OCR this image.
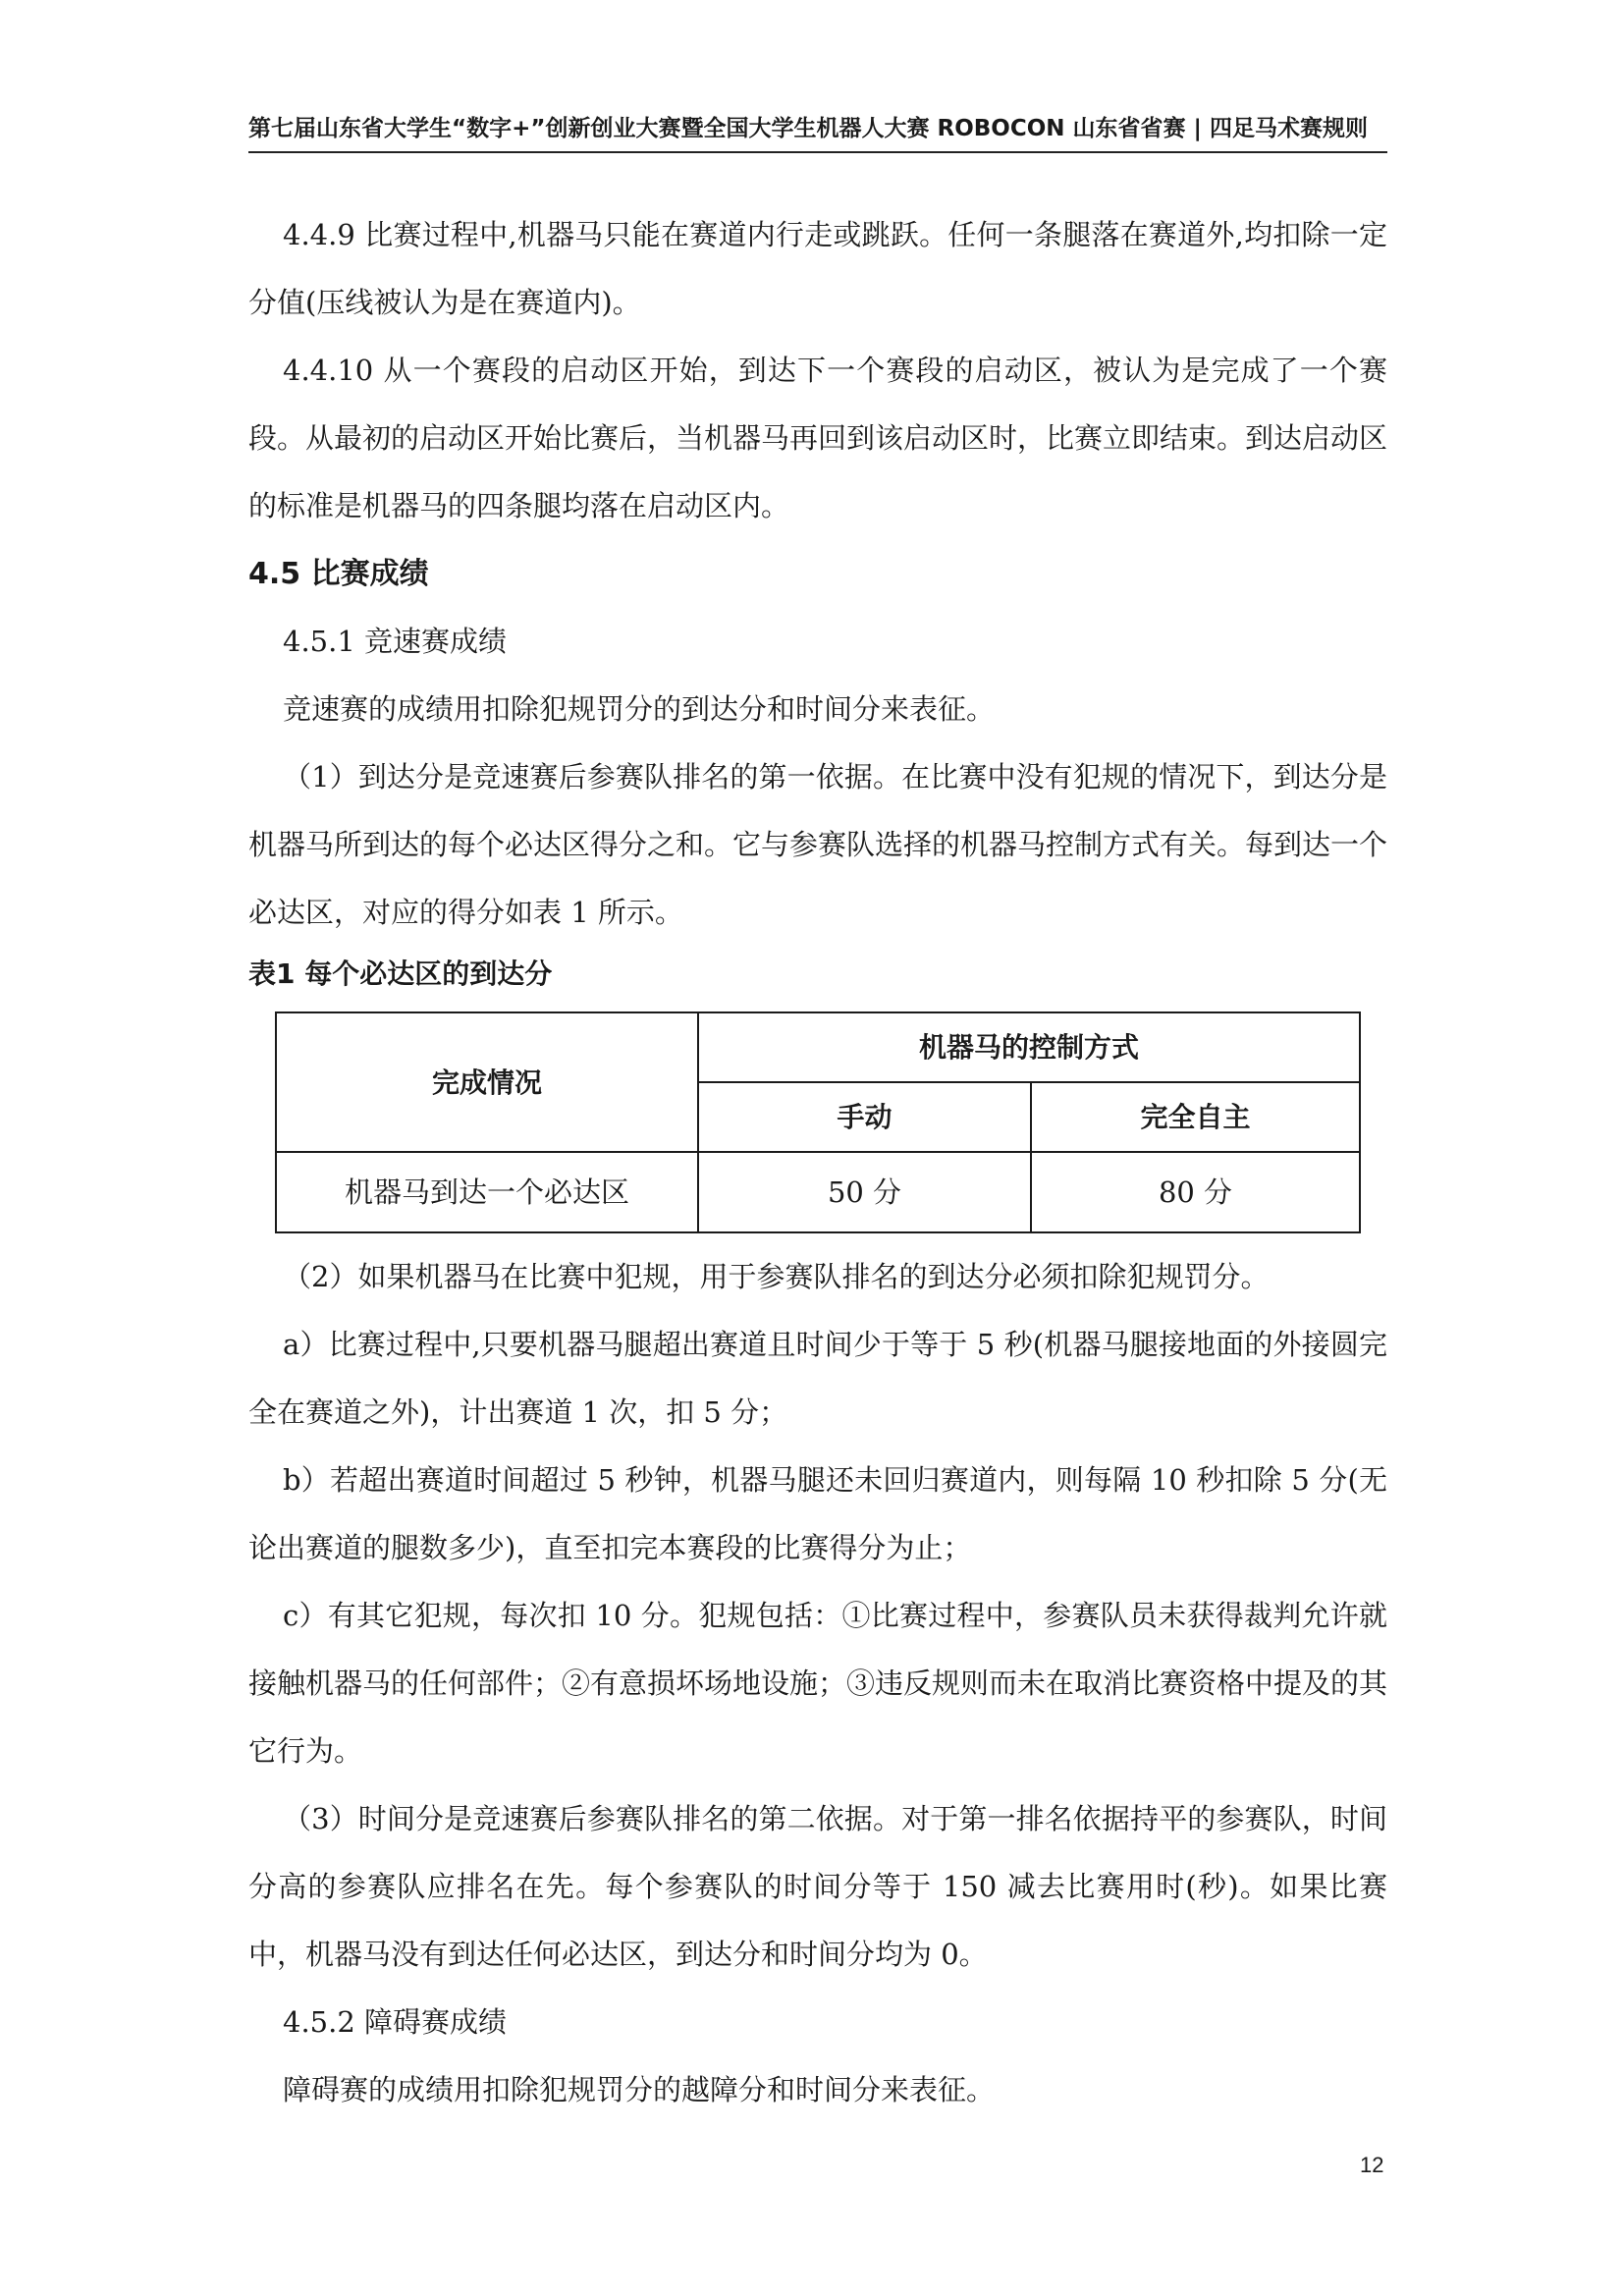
第七届山东省大学生“数字+”创新创业大赛暨全国大学生机器人大赛 ROBOCON 山东省省赛 | 四足马术赛规则

4.4.9 比赛过程中,机器马只能在赛道内行走或跳跃。任何一条腿落在赛道外,均扣除一定分值(压线被认为是在赛道内)。

4.4.10 从一个赛段的启动区开始，到达下一个赛段的启动区，被认为是完成了一个赛段。从最初的启动区开始比赛后，当机器马再回到该启动区时，比赛立即结束。到达启动区的标准是机器马的四条腿均落在启动区内。

4.5 比赛成绩

4.5.1 竞速赛成绩

竞速赛的成绩用扣除犯规罚分的到达分和时间分来表征。

（1）到达分是竞速赛后参赛队排名的第一依据。在比赛中没有犯规的情况下，到达分是机器马所到达的每个必达区得分之和。它与参赛队选择的机器马控制方式有关。每到达一个必达区，对应的得分如表 1 所示。

表1 每个必达区的到达分

完成情况	机器马的控制方式	
	手动	完全自主
机器马到达一个必达区	50 分	80 分

（2）如果机器马在比赛中犯规，用于参赛队排名的到达分必须扣除犯规罚分。

a）比赛过程中,只要机器马腿超出赛道且时间少于等于 5 秒(机器马腿接地面的外接圆完全在赛道之外)，计出赛道 1 次，扣 5 分；

b）若超出赛道时间超过 5 秒钟，机器马腿还未回归赛道内，则每隔 10 秒扣除 5 分(无论出赛道的腿数多少)，直至扣完本赛段的比赛得分为止；

c）有其它犯规，每次扣 10 分。犯规包括：①比赛过程中，参赛队员未获得裁判允许就接触机器马的任何部件；②有意损坏场地设施；③违反规则而未在取消比赛资格中提及的其它行为。

（3）时间分是竞速赛后参赛队排名的第二依据。对于第一排名依据持平的参赛队，时间分高的参赛队应排名在先。每个参赛队的时间分等于 150 减去比赛用时(秒)。如果比赛中，机器马没有到达任何必达区，到达分和时间分均为 0。

4.5.2 障碍赛成绩

障碍赛的成绩用扣除犯规罚分的越障分和时间分来表征。

12
